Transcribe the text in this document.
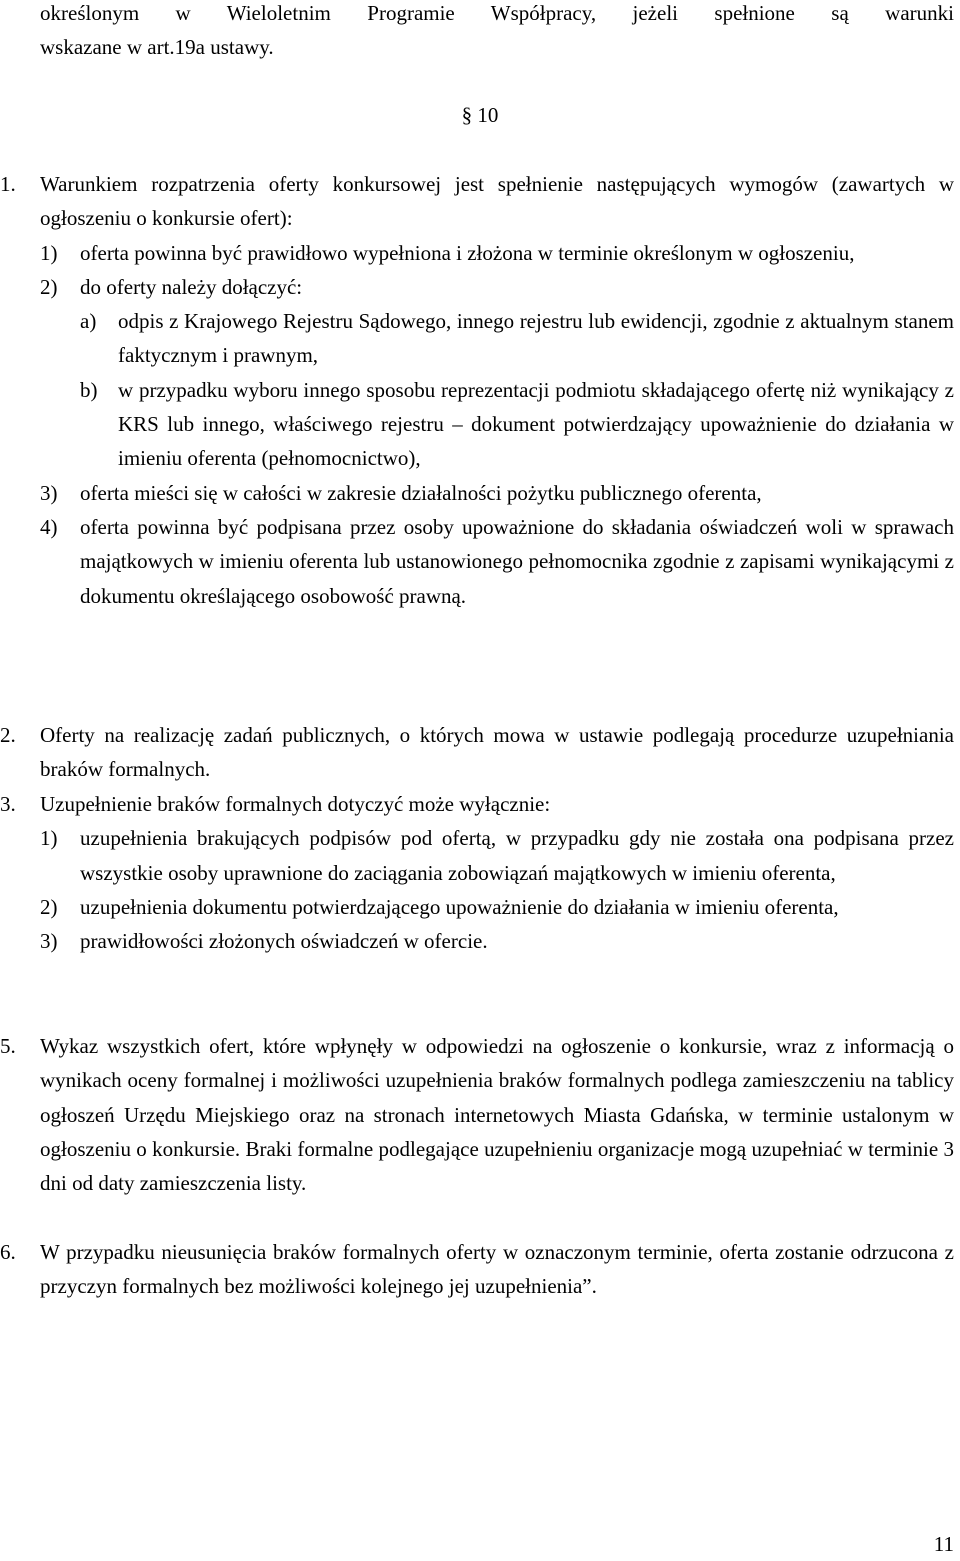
określonym w Wieloletnim Programie Współpracy, jeżeli spełnione są warunki

wskazane w art.19a ustawy.

§ 10
1. Warunkiem rozpatrzenia oferty konkursowej jest spełnienie następujących wymogów (zawartych w ogłoszeniu o konkursie ofert):

1) oferta powinna być prawidłowo wypełniona i złożona w terminie określonym w ogłoszeniu,

2) do oferty należy dołączyć:

a) odpis z Krajowego Rejestru Sądowego, innego rejestru lub ewidencji, zgodnie z aktualnym stanem faktycznym i prawnym,

b) w przypadku wyboru innego sposobu reprezentacji podmiotu składającego ofertę niż wynikający z KRS lub innego, właściwego rejestru – dokument potwierdzający upoważnienie do działania w imieniu oferenta (pełnomocnictwo),

3) oferta mieści się w całości w zakresie działalności pożytku publicznego oferenta,

4) oferta powinna być podpisana przez osoby upoważnione do składania oświadczeń woli w sprawach majątkowych w imieniu oferenta lub ustanowionego pełnomocnika zgodnie z zapisami wynikającymi z dokumentu określającego osobowość prawną.

2. Oferty na realizację zadań publicznych, o których mowa w ustawie podlegają procedurze uzupełniania braków formalnych.

3. Uzupełnienie braków formalnych dotyczyć może wyłącznie:

1) uzupełnienia brakujących podpisów pod ofertą, w przypadku gdy nie została ona podpisana przez wszystkie osoby uprawnione do zaciągania zobowiązań majątkowych w imieniu oferenta,

2) uzupełnienia dokumentu potwierdzającego upoważnienie do działania w imieniu oferenta,

3) prawidłowości złożonych oświadczeń w ofercie.

5. Wykaz wszystkich ofert, które wpłynęły w odpowiedzi na ogłoszenie o konkursie, wraz z informacją o wynikach oceny formalnej i możliwości uzupełnienia braków formalnych podlega zamieszczeniu na tablicy ogłoszeń Urzędu Miejskiego oraz na stronach internetowych Miasta Gdańska, w terminie ustalonym w ogłoszeniu o konkursie. Braki formalne podlegające uzupełnieniu organizacje mogą uzupełniać w terminie 3 dni od daty zamieszczenia listy.

6. W przypadku nieusunięcia braków formalnych oferty w oznaczonym terminie, oferta zostanie odrzucona z przyczyn formalnych bez możliwości kolejnego jej uzupełnienia”.

11
